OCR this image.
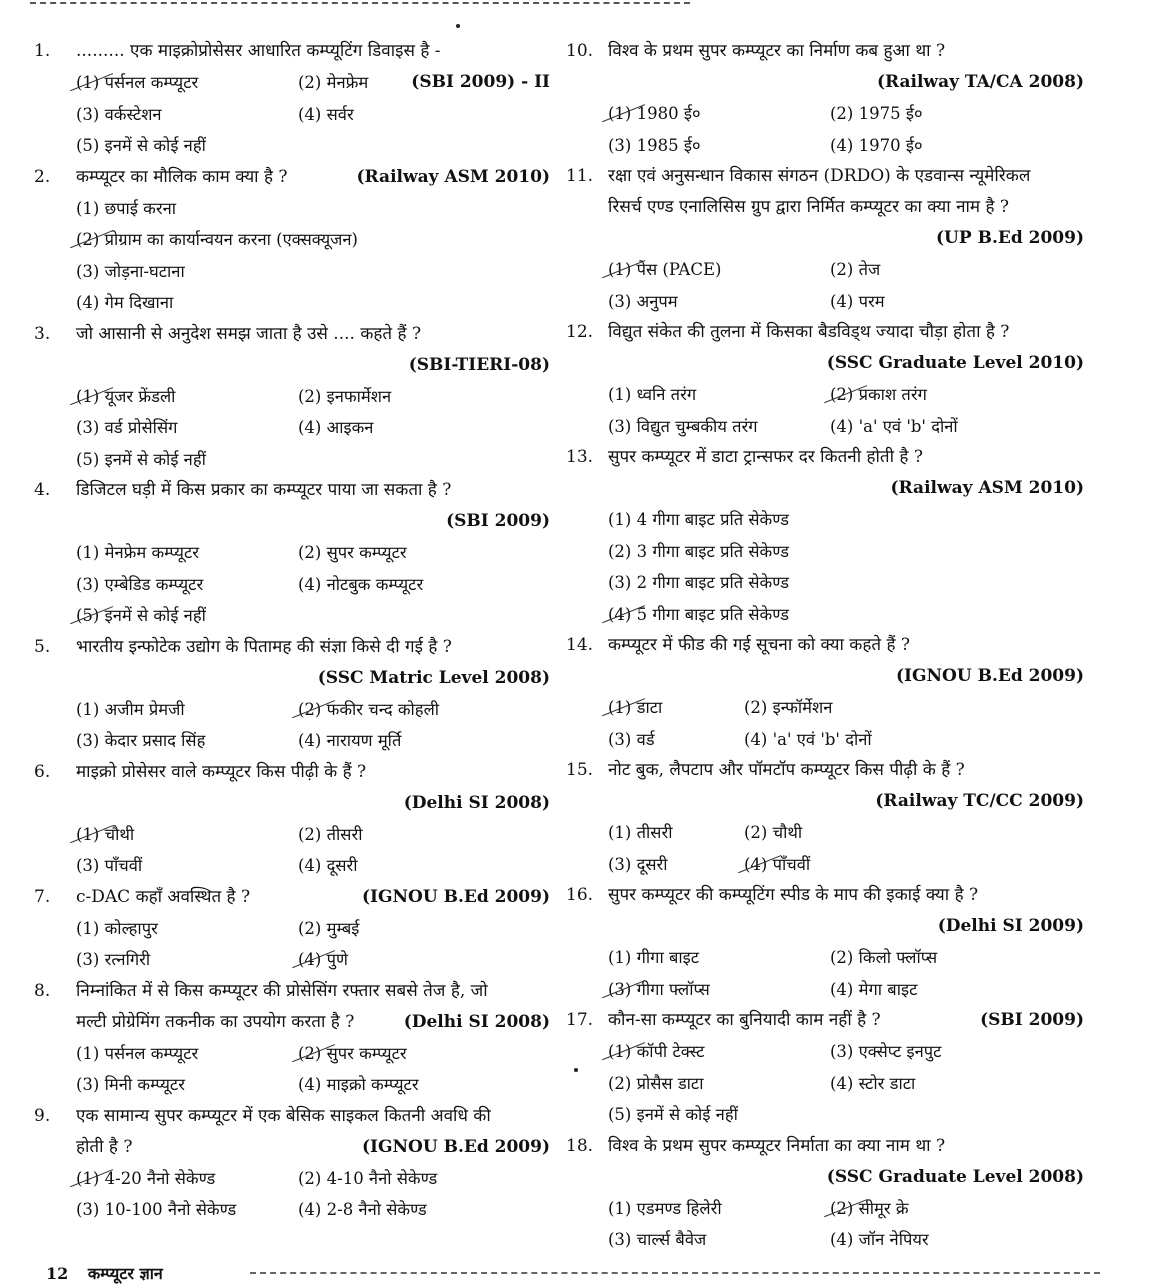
1.	......... एक माइक्रोप्रोसेसर आधारित कम्प्यूटिंग डिवाइस है -
(1) पर्सनल कम्प्यूटर	(2) मेनफ्रेम	(SBI 2009) - II
(3) वर्कस्टेशन	(4) सर्वर
(5) इनमें से कोई नहीं
2.	कम्प्यूटर का मौलिक काम क्या है ?	(Railway ASM 2010)
(1) छपाई करना
(2) प्रोग्राम का कार्यान्वयन करना (एक्सक्यूजन)
(3) जोड़ना-घटाना
(4) गेम दिखाना
3.	जो आसानी से अनुदेश समझ जाता है उसे .... कहते हैं ?
(SBI-TIERI-08)
(1) यूजर फ्रेंडली	(2) इनफार्मेशन
(3) वर्ड प्रोसेसिंग	(4) आइकन
(5) इनमें से कोई नहीं
4.	डिजिटल घड़ी में किस प्रकार का कम्प्यूटर पाया जा सकता है ?
(SBI 2009)
(1) मेनफ्रेम कम्प्यूटर	(2) सुपर कम्प्यूटर
(3) एम्बेडिड कम्प्यूटर	(4) नोटबुक कम्प्यूटर
(5) इनमें से कोई नहीं
5.	भारतीय इन्फोटेक उद्योग के पितामह की संज्ञा किसे दी गई है ?
(SSC Matric Level 2008)
(1) अजीम प्रेमजी	(2) फकीर चन्द कोहली
(3) केदार प्रसाद सिंह	(4) नारायण मूर्ति
6.	माइक्रो प्रोसेसर वाले कम्प्यूटर किस पीढ़ी के हैं ?
(Delhi SI 2008)
(1) चौथी	(2) तीसरी
(3) पाँचवीं	(4) दूसरी
7.	c-DAC कहाँ अवस्थित है ?	(IGNOU B.Ed 2009)
(1) कोल्हापुर	(2) मुम्बई
(3) रत्नगिरी	(4) पुणे
8.	निम्नांकित में से किस कम्प्यूटर की प्रोसेसिंग रफ्तार सबसे तेज है, जो
मल्टी प्रोग्रेमिंग तकनीक का उपयोग करता है ?	(Delhi SI 2008)
(1) पर्सनल कम्प्यूटर	(2) सुपर कम्प्यूटर
(3) मिनी कम्प्यूटर	(4) माइक्रो कम्प्यूटर
9.	एक सामान्य सुपर कम्प्यूटर में एक बेसिक साइकल कितनी अवधि की
होती है ?	(IGNOU B.Ed 2009)
(1) 4-20 नैनो सेकेण्ड	(2) 4-10 नैनो सेकेण्ड
(3) 10-100 नैनो सेकेण्ड	(4) 2-8 नैनो सेकेण्ड
10. विश्व के प्रथम सुपर कम्प्यूटर का निर्माण कब हुआ था ?
(Railway TA/CA 2008)
(1) 1980 ई०	(2) 1975 ई०
(3) 1985 ई०	(4) 1970 ई०
11. रक्षा एवं अनुसन्धान विकास संगठन (DRDO) के एडवान्स न्यूमेरिकल
रिसर्च एण्ड एनालिसिस ग्रुप द्वारा निर्मित कम्प्यूटर का क्या नाम है ?
(UP B.Ed 2009)
(1) पेस (PACE)	(2) तेज
(3) अनुपम	(4) परम
12. विद्युत संकेत की तुलना में किसका बैडविड्थ ज्यादा चौड़ा होता है ?
(SSC Graduate Level 2010)
(1) ध्वनि तरंग	(2) प्रकाश तरंग
(3) विद्युत चुम्बकीय तरंग	(4) 'a' एवं 'b' दोनों
13. सुपर कम्प्यूटर में डाटा ट्रान्सफर दर कितनी होती है ?
(Railway ASM 2010)
(1) 4 गीगा बाइट प्रति सेकेण्ड
(2) 3 गीगा बाइट प्रति सेकेण्ड
(3) 2 गीगा बाइट प्रति सेकेण्ड
(4) 5 गीगा बाइट प्रति सेकेण्ड
14. कम्प्यूटर में फीड की गई सूचना को क्या कहते हैं ?
(IGNOU B.Ed 2009)
(1) डाटा	(2) इन्फॉर्मेशन
(3) वर्ड	(4) 'a' एवं 'b' दोनों
15. नोट बुक, लैपटाप और पॉमटॉप कम्प्यूटर किस पीढ़ी के हैं ?
(Railway TC/CC 2009)
(1) तीसरी	(2) चौथी
(3) दूसरी	(4) पाँचवीं
16. सुपर कम्प्यूटर की कम्प्यूटिंग स्पीड के माप की इकाई क्या है ?
(Delhi SI 2009)
(1) गीगा बाइट	(2) किलो फ्लॉप्स
(3) गीगा फ्लॉप्स	(4) मेगा बाइट
17. कौन-सा कम्प्यूटर का बुनियादी काम नहीं है ?	(SBI 2009)
(1) कॉपी टेक्स्ट	(3) एक्सेप्ट इनपुट
(2) प्रोसैस डाटा	(4) स्टोर डाटा
(5) इनमें से कोई नहीं
18. विश्व के प्रथम सुपर कम्प्यूटर निर्माता का क्या नाम था ?
(SSC Graduate Level 2008)
(1) एडमण्ड हिलेरी	(2) सीमूर क्रे
(3) चार्ल्स बैवेज	(4) जॉन नेपियर
12 कम्प्यूटर ज्ञान
